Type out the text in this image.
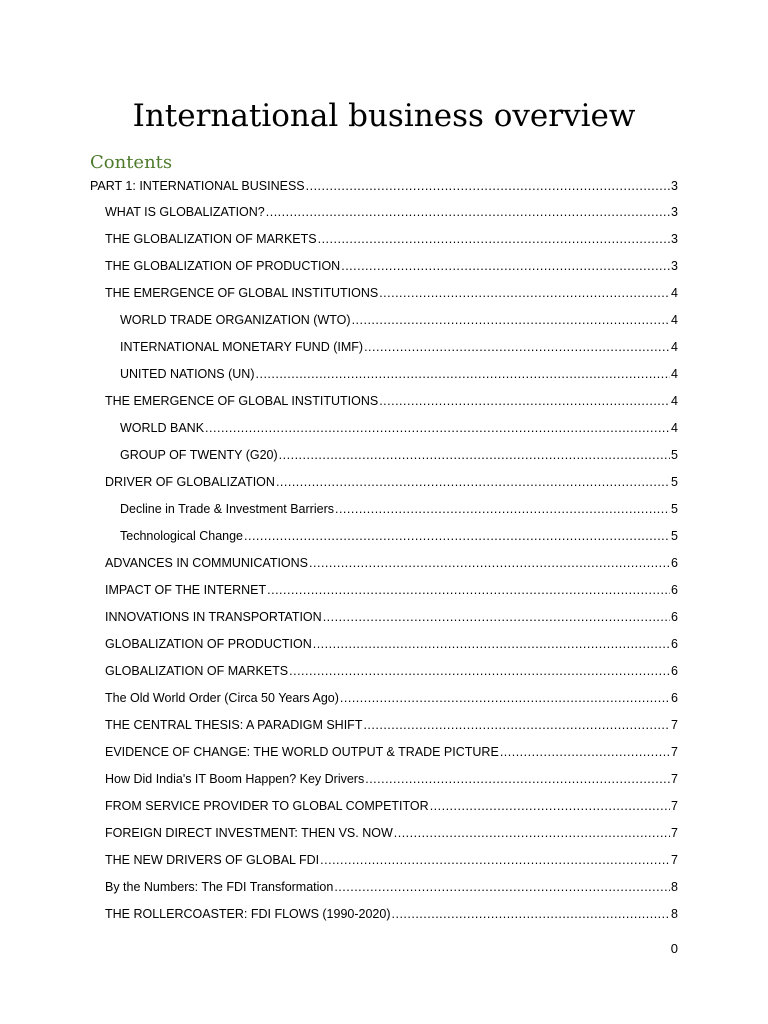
International business overview
Contents
PART 1: INTERNATIONAL BUSINESS .....	3
WHAT IS GLOBALIZATION? .....	3
THE GLOBALIZATION OF MARKETS .....	3
THE GLOBALIZATION OF PRODUCTION .....	3
THE EMERGENCE OF GLOBAL INSTITUTIONS .....	4
WORLD TRADE ORGANIZATION (WTO) .....	4
INTERNATIONAL MONETARY FUND (IMF) .....	4
UNITED NATIONS (UN) .....	4
THE EMERGENCE OF GLOBAL INSTITUTIONS .....	4
WORLD BANK .....	4
GROUP OF TWENTY (G20) .....	5
DRIVER OF GLOBALIZATION .....	5
Decline in Trade & Investment Barriers .....	5
Technological Change .....	5
ADVANCES IN COMMUNICATIONS .....	6
IMPACT OF THE INTERNET .....	6
INNOVATIONS IN TRANSPORTATION .....	6
GLOBALIZATION OF PRODUCTION .....	6
GLOBALIZATION OF MARKETS .....	6
The Old World Order (Circa 50 Years Ago) .....	6
THE CENTRAL THESIS: A PARADIGM SHIFT .....	7
EVIDENCE OF CHANGE: THE WORLD OUTPUT & TRADE PICTURE .....	7
How Did India's IT Boom Happen? Key Drivers .....	7
FROM SERVICE PROVIDER TO GLOBAL COMPETITOR .....	7
FOREIGN DIRECT INVESTMENT: THEN VS. NOW .....	7
THE NEW DRIVERS OF GLOBAL FDI .....	7
By the Numbers: The FDI Transformation .....	8
THE ROLLERCOASTER: FDI FLOWS (1990-2020) .....	8
0
